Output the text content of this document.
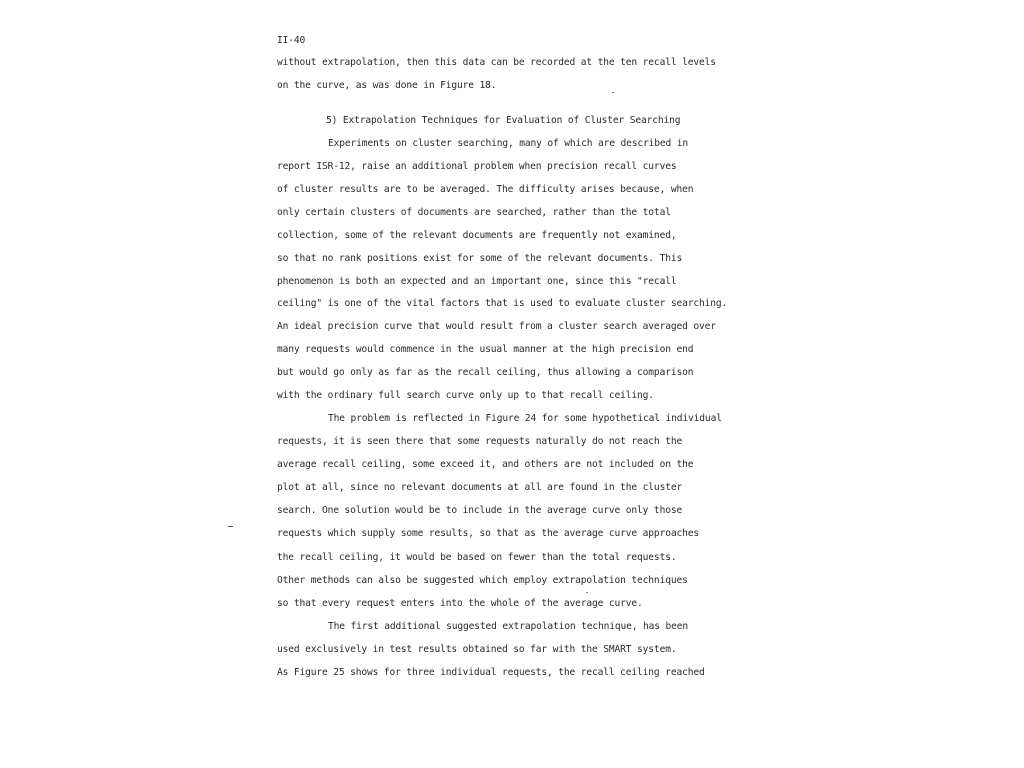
II-40
without extrapolation, then this data can be recorded at the ten recall levels
on the curve, as was done in Figure 18.
5) Extrapolation Techniques for Evaluation of Cluster Searching
Experiments on cluster searching, many of which are described in
report ISR-12, raise an additional problem when precision recall curves
of cluster results are to be averaged. The difficulty arises because, when
only certain clusters of documents are searched, rather than the total
collection, some of the relevant documents are frequently not examined,
so that no rank positions exist for some of the relevant documents. This
phenomenon is both an expected and an important one, since this "recall
ceiling" is one of the vital factors that is used to evaluate cluster searching.
An ideal precision curve that would result from a cluster search averaged over
many requests would commence in the usual manner at the high precision end
but would go only as far as the recall ceiling, thus allowing a comparison
with the ordinary full search curve only up to that recall ceiling.
The problem is reflected in Figure 24 for some hypothetical individual
requests, it is seen there that some requests naturally do not reach the
average recall ceiling, some exceed it, and others are not included on the
plot at all, since no relevant documents at all are found in the cluster
search. One solution would be to include in the average curve only those
requests which supply some results, so that as the average curve approaches
the recall ceiling, it would be based on fewer than the total requests.
Other methods can also be suggested which employ extrapolation techniques
so that every request enters into the whole of the average curve.
The first additional suggested extrapolation technique, has been
used exclusively in test results obtained so far with the SMART system.
As Figure 25 shows for three individual requests, the recall ceiling reached
